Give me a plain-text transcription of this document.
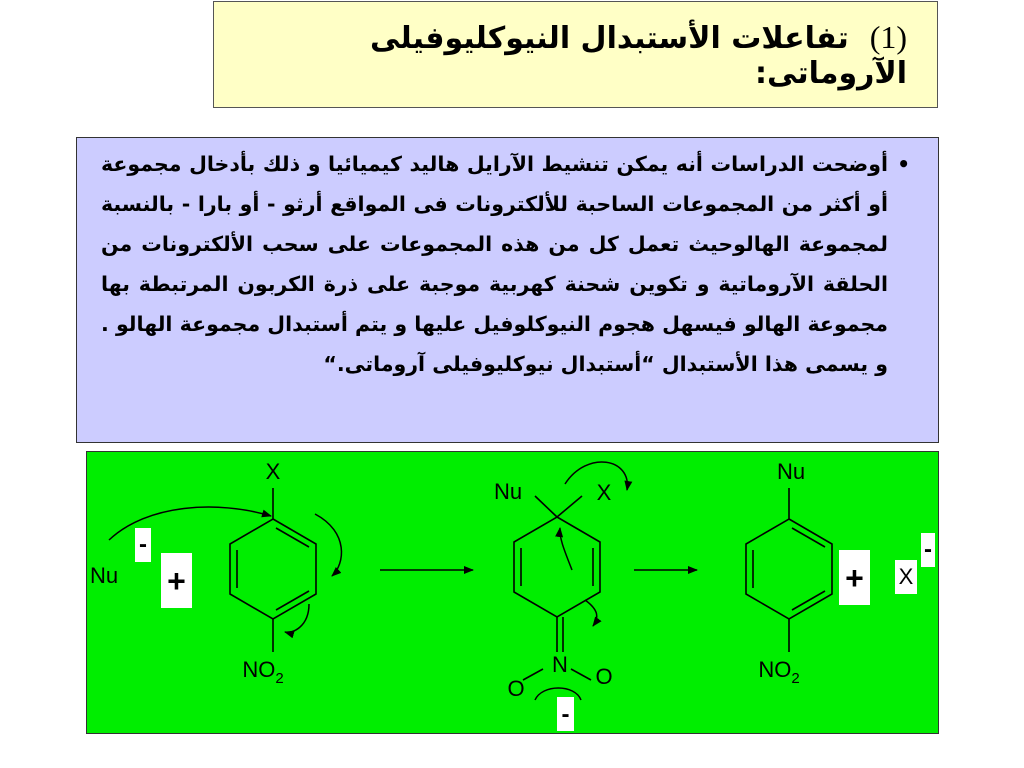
(1)  تفاعلات الأستبدال النيوكليوفيلى الآروماتى:
•
أوضحت الدراسات أنه يمكن تنشيط الآرايل هاليد كيميائيا و ذلك بأدخال مجموعة أو أكثر من المجموعات الساحبة للألكترونات فى المواقع أرثو - أو بارا - بالنسبة لمجموعة الهالوحيث تعمل كل من هذه المجموعات على سحب الألكترونات من الحلقة الآروماتية و تكوين شحنة كهربية موجبة على ذرة الكربون المرتبطة بها مجموعة الهالو فيسهل هجوم النيوكلوفيل عليها و يتم أستبدال مجموعة الهالو . و يسمى هذا الأستبدال “أستبدال نيوكليوفيلى آروماتى.“
X
$NO_2$
Nu
-
+
Nu	X
N
O	O
-
Nu
$NO_2$
+ X
-
